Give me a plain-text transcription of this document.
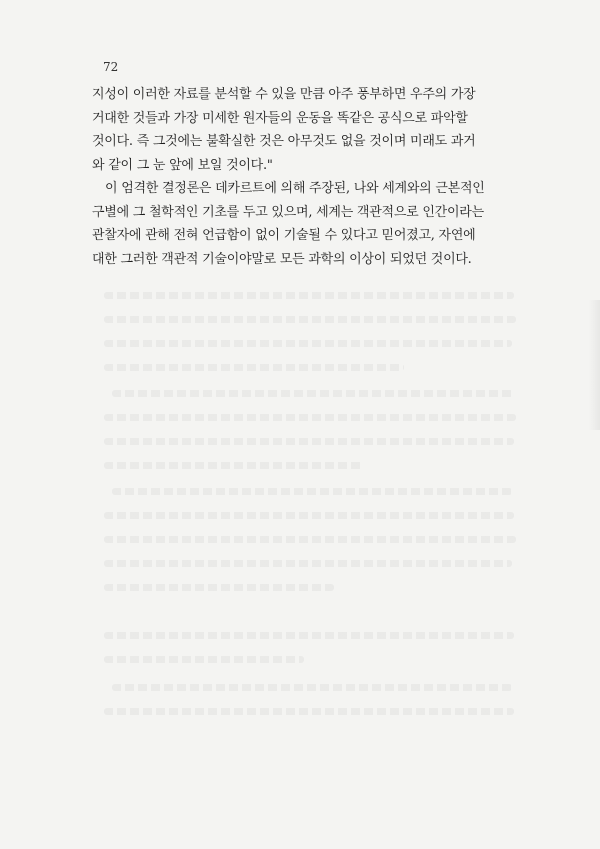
72
지성이 이러한 자료를 분석할 수 있을 만큼 아주 풍부하면 우주의 가장
거대한 것들과 가장 미세한 원자들의 운동을 똑같은 공식으로 파악할
것이다. 즉 그것에는 불확실한 것은 아무것도 없을 것이며 미래도 과거
와 같이 그 눈 앞에 보일 것이다."
이 엄격한 결정론은 데카르트에 의해 주장된, 나와 세계와의 근본적인
구별에 그 철학적인 기초를 두고 있으며, 세계는 객관적으로 인간이라는
관찰자에 관해 전혀 언급함이 없이 기술될 수 있다고 믿어졌고, 자연에
대한 그러한 객관적 기술이야말로 모든 과학의 이상이 되었던 것이다.
